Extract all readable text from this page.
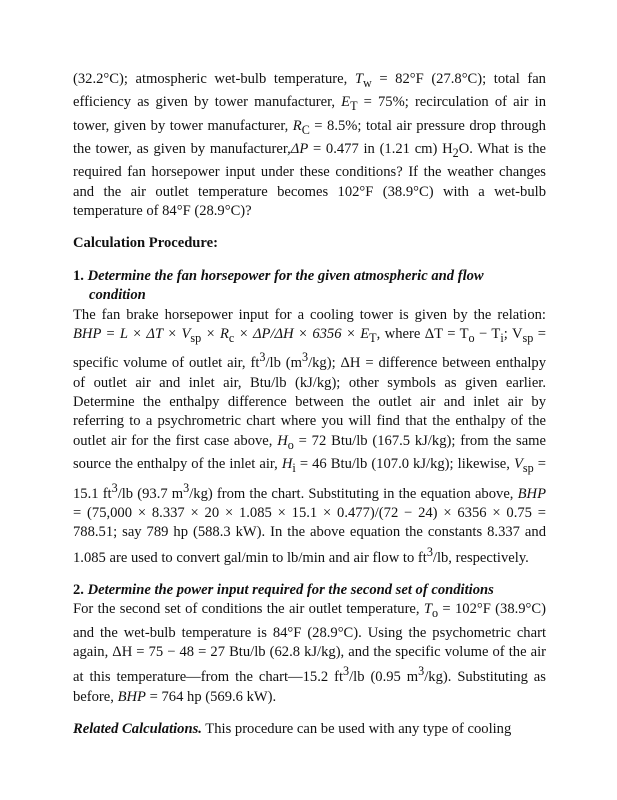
(32.2°C); atmospheric wet-bulb temperature, $T_w = 82^\circ F$ (27.8°C); total fan efficiency as given by tower manufacturer, $E_T = 75\%$; recirculation of air in tower, given by tower manufacturer, $R_C = 8.5\%$; total air pressure drop through the tower, as given by manufacturer,ΔP = 0.477 in (1.21 cm) $H_2O$. What is the required fan horsepower input under these conditions? If the weather changes and the air outlet temperature becomes 102°F (38.9°C) with a wet-bulb temperature of 84°F (28.9°C)?

Calculation Procedure:

1. Determine the fan horsepower for the given atmospheric and flow

condition

The fan brake horsepower input for a cooling tower is given by the relation: BHP = $L \times \Delta T \times V_{sp} \times R_c \times \Delta P/\Delta H \times 6356 \times E_T$, where $\Delta T = T_o - T_i$; $V_{sp}$ = specific volume of outlet air, $ft^3/lb$ $(m^3/kg)$; ΔH = difference between enthalpy of outlet air and inlet air, Btu/lb (kJ/kg); other symbols as given earlier. Determine the enthalpy difference between the outlet air and inlet air by referring to a psychrometric chart where you will find that the enthalpy of the outlet air for the first case above, $H_o = 72$ Btu/lb (167.5 kJ/kg); from the same source the enthalpy of the inlet air, $H_i = 46$ Btu/lb (107.0 kJ/kg); likewise, $V_{sp} = 15.1$ $ft^3/lb$ (93.7 $m^3/kg$) from the chart. Substituting in the equation above, BHP = (75,000 × 8.337 × 20 × 1.085 × 15.1 × 0.477)/(72 − 24) × 6356 × 0.75 = 788.51; say 789 hp (588.3 kW). In the above equation the constants 8.337 and 1.085 are used to convert gal/min to lb/min and air flow to $ft^3/lb$, respectively.

2. Determine the power input required for the second set of conditions

For the second set of conditions the air outlet temperature, $T_o = 102^\circ F$ (38.9°C) and the wet-bulb temperature is 84°F (28.9°C). Using the psychometric chart again, ΔH = 75 − 48 = 27 Btu/lb (62.8 kJ/kg), and the specific volume of the air at this temperature—from the chart—15.2 $ft^3/lb$ (0.95 $m^3/kg$). Substituting as before, BHP = 764 hp (569.6 kW).

Related Calculations. This procedure can be used with any type of cooling
